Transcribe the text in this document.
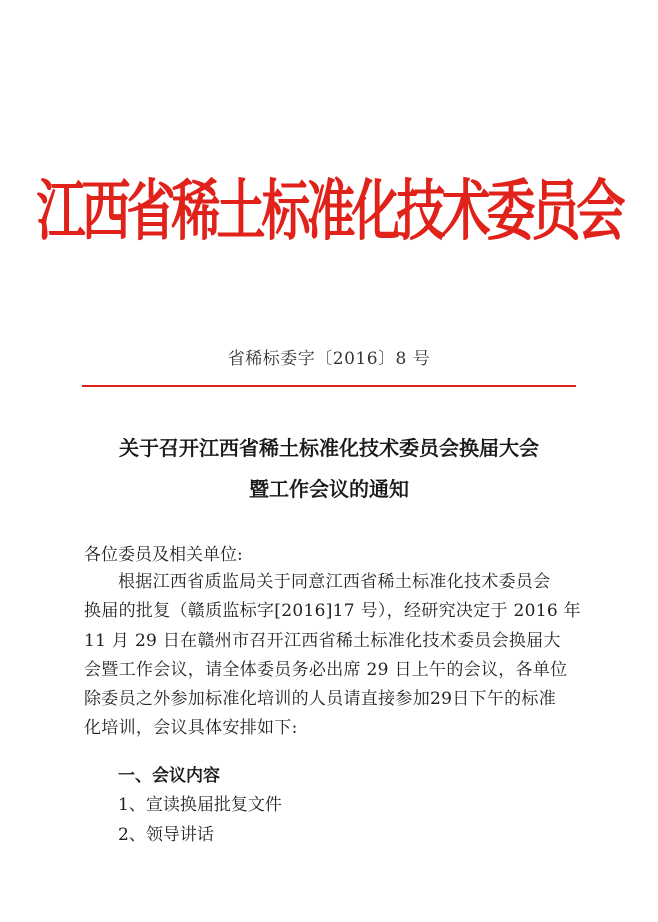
江西省稀土标准化技术委员会
省稀标委字〔2016〕8 号
关于召开江西省稀土标准化技术委员会换届大会
暨工作会议的通知
各位委员及相关单位:
根据江西省质监局关于同意江西省稀土标准化技术委员会
换届的批复（赣质监标字[2016]17 号），经研究决定于 2016 年
11 月 29 日在赣州市召开江西省稀土标准化技术委员会换届大
会暨工作会议，请全体委员务必出席 29 日上午的会议，各单位
除委员之外参加标准化培训的人员请直接参加29日下午的标准
化培训，会议具体安排如下:
一、会议内容
1、宣读换届批复文件
2、领导讲话
